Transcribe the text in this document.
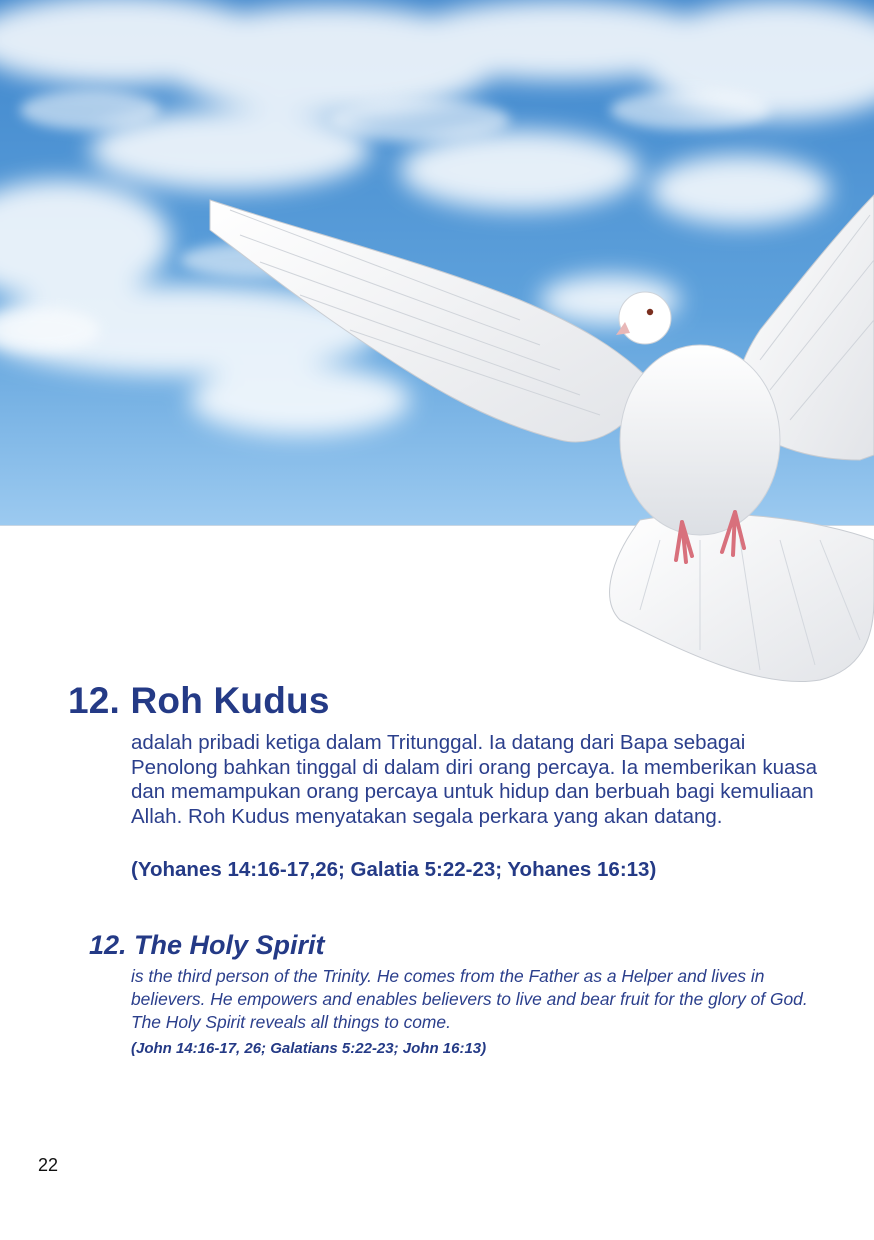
12. Roh Kudus
adalah pribadi ketiga dalam Tritunggal. Ia datang dari Bapa sebagai Penolong bahkan tinggal di dalam diri orang percaya. Ia memberikan kuasa dan memampukan orang percaya untuk hidup dan berbuah bagi kemuliaan Allah. Roh Kudus menyatakan segala perkara yang akan datang.
(Yohanes 14:16-17,26; Galatia 5:22-23; Yohanes 16:13)
12. The Holy Spirit
is the third person of the Trinity. He comes from the Father as a Helper and lives in believers. He empowers and enables believers to live and bear fruit for the glory of God. The Holy Spirit reveals all things to come.
(John 14:16-17, 26; Galatians 5:22-23; John 16:13)
22
